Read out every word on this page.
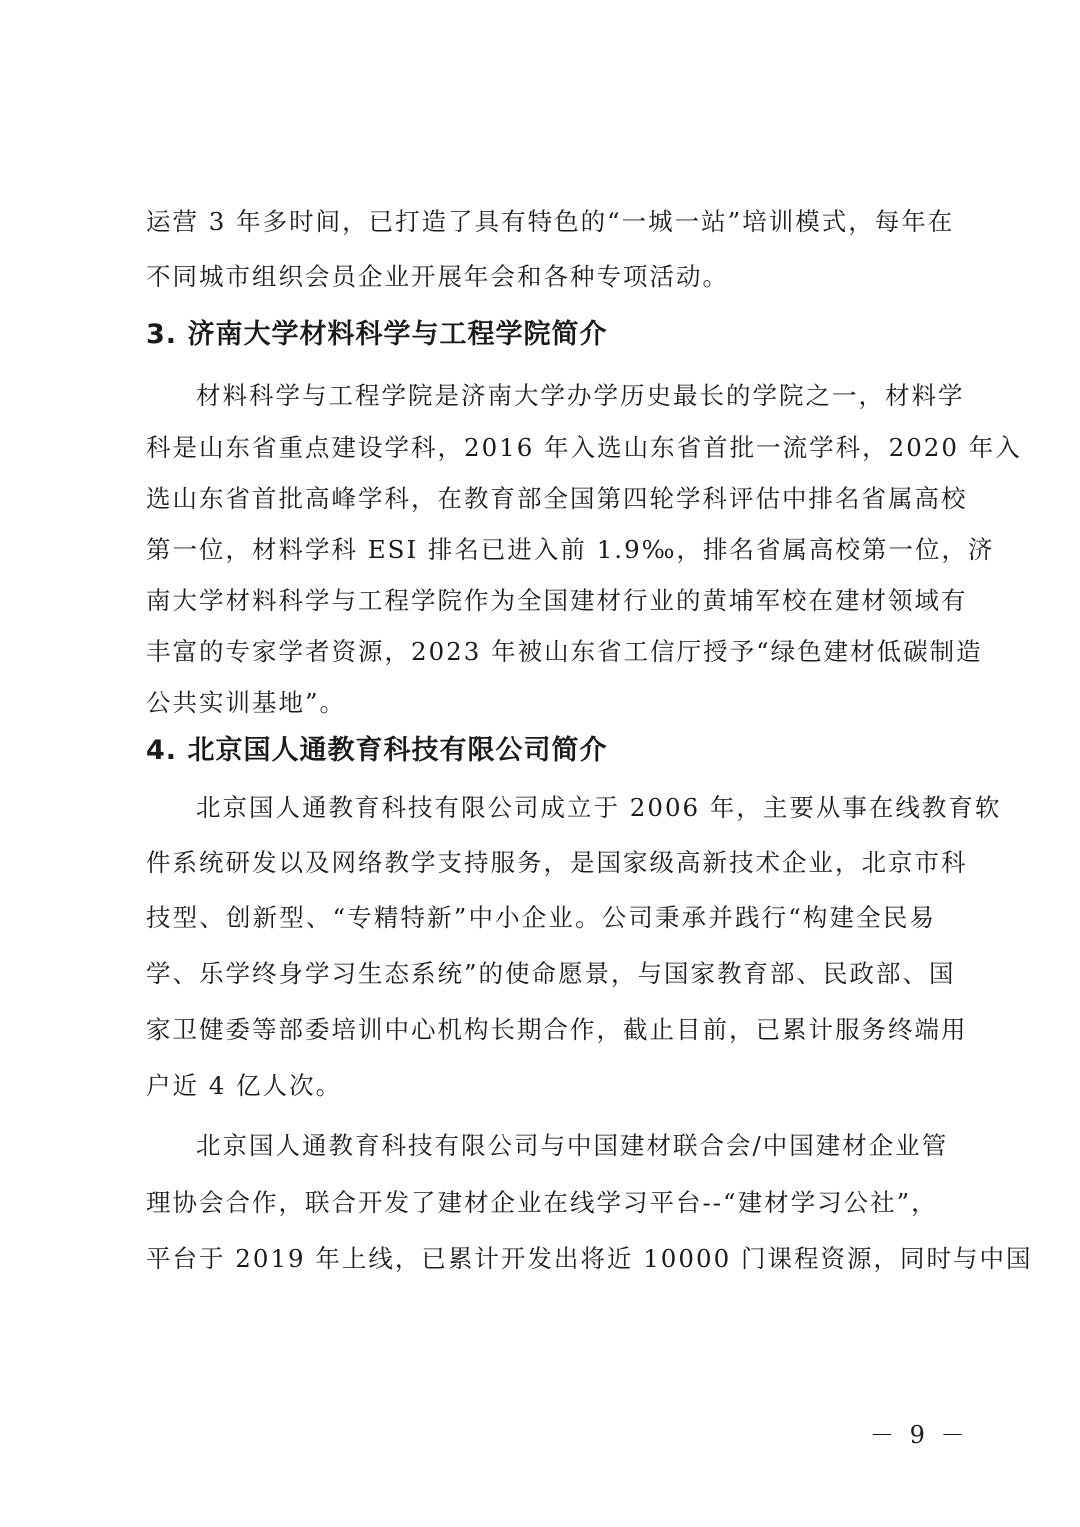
运营 3 年多时间，已打造了具有特色的“一城一站”培训模式，每年在
不同城市组织会员企业开展年会和各种专项活动。
3. 济南大学材料科学与工程学院简介
材料科学与工程学院是济南大学办学历史最长的学院之一，材料学
科是山东省重点建设学科，2016 年入选山东省首批一流学科，2020 年入
选山东省首批高峰学科，在教育部全国第四轮学科评估中排名省属高校
第一位，材料学科 ESI 排名已进入前 1.9‰，排名省属高校第一位，济
南大学材料科学与工程学院作为全国建材行业的黄埔军校在建材领域有
丰富的专家学者资源，2023 年被山东省工信厅授予“绿色建材低碳制造
公共实训基地”。
4. 北京国人通教育科技有限公司简介
北京国人通教育科技有限公司成立于 2006 年，主要从事在线教育软
件系统研发以及网络教学支持服务，是国家级高新技术企业，北京市科
技型、创新型、“专精特新”中小企业。公司秉承并践行“构建全民易
学、乐学终身学习生态系统”的使命愿景，与国家教育部、民政部、国
家卫健委等部委培训中心机构长期合作，截止目前，已累计服务终端用
户近 4 亿人次。
北京国人通教育科技有限公司与中国建材联合会/中国建材企业管
理协会合作，联合开发了建材企业在线学习平台--“建材学习公社”，
平台于 2019 年上线，已累计开发出将近 10000 门课程资源，同时与中国
－ 9 －
